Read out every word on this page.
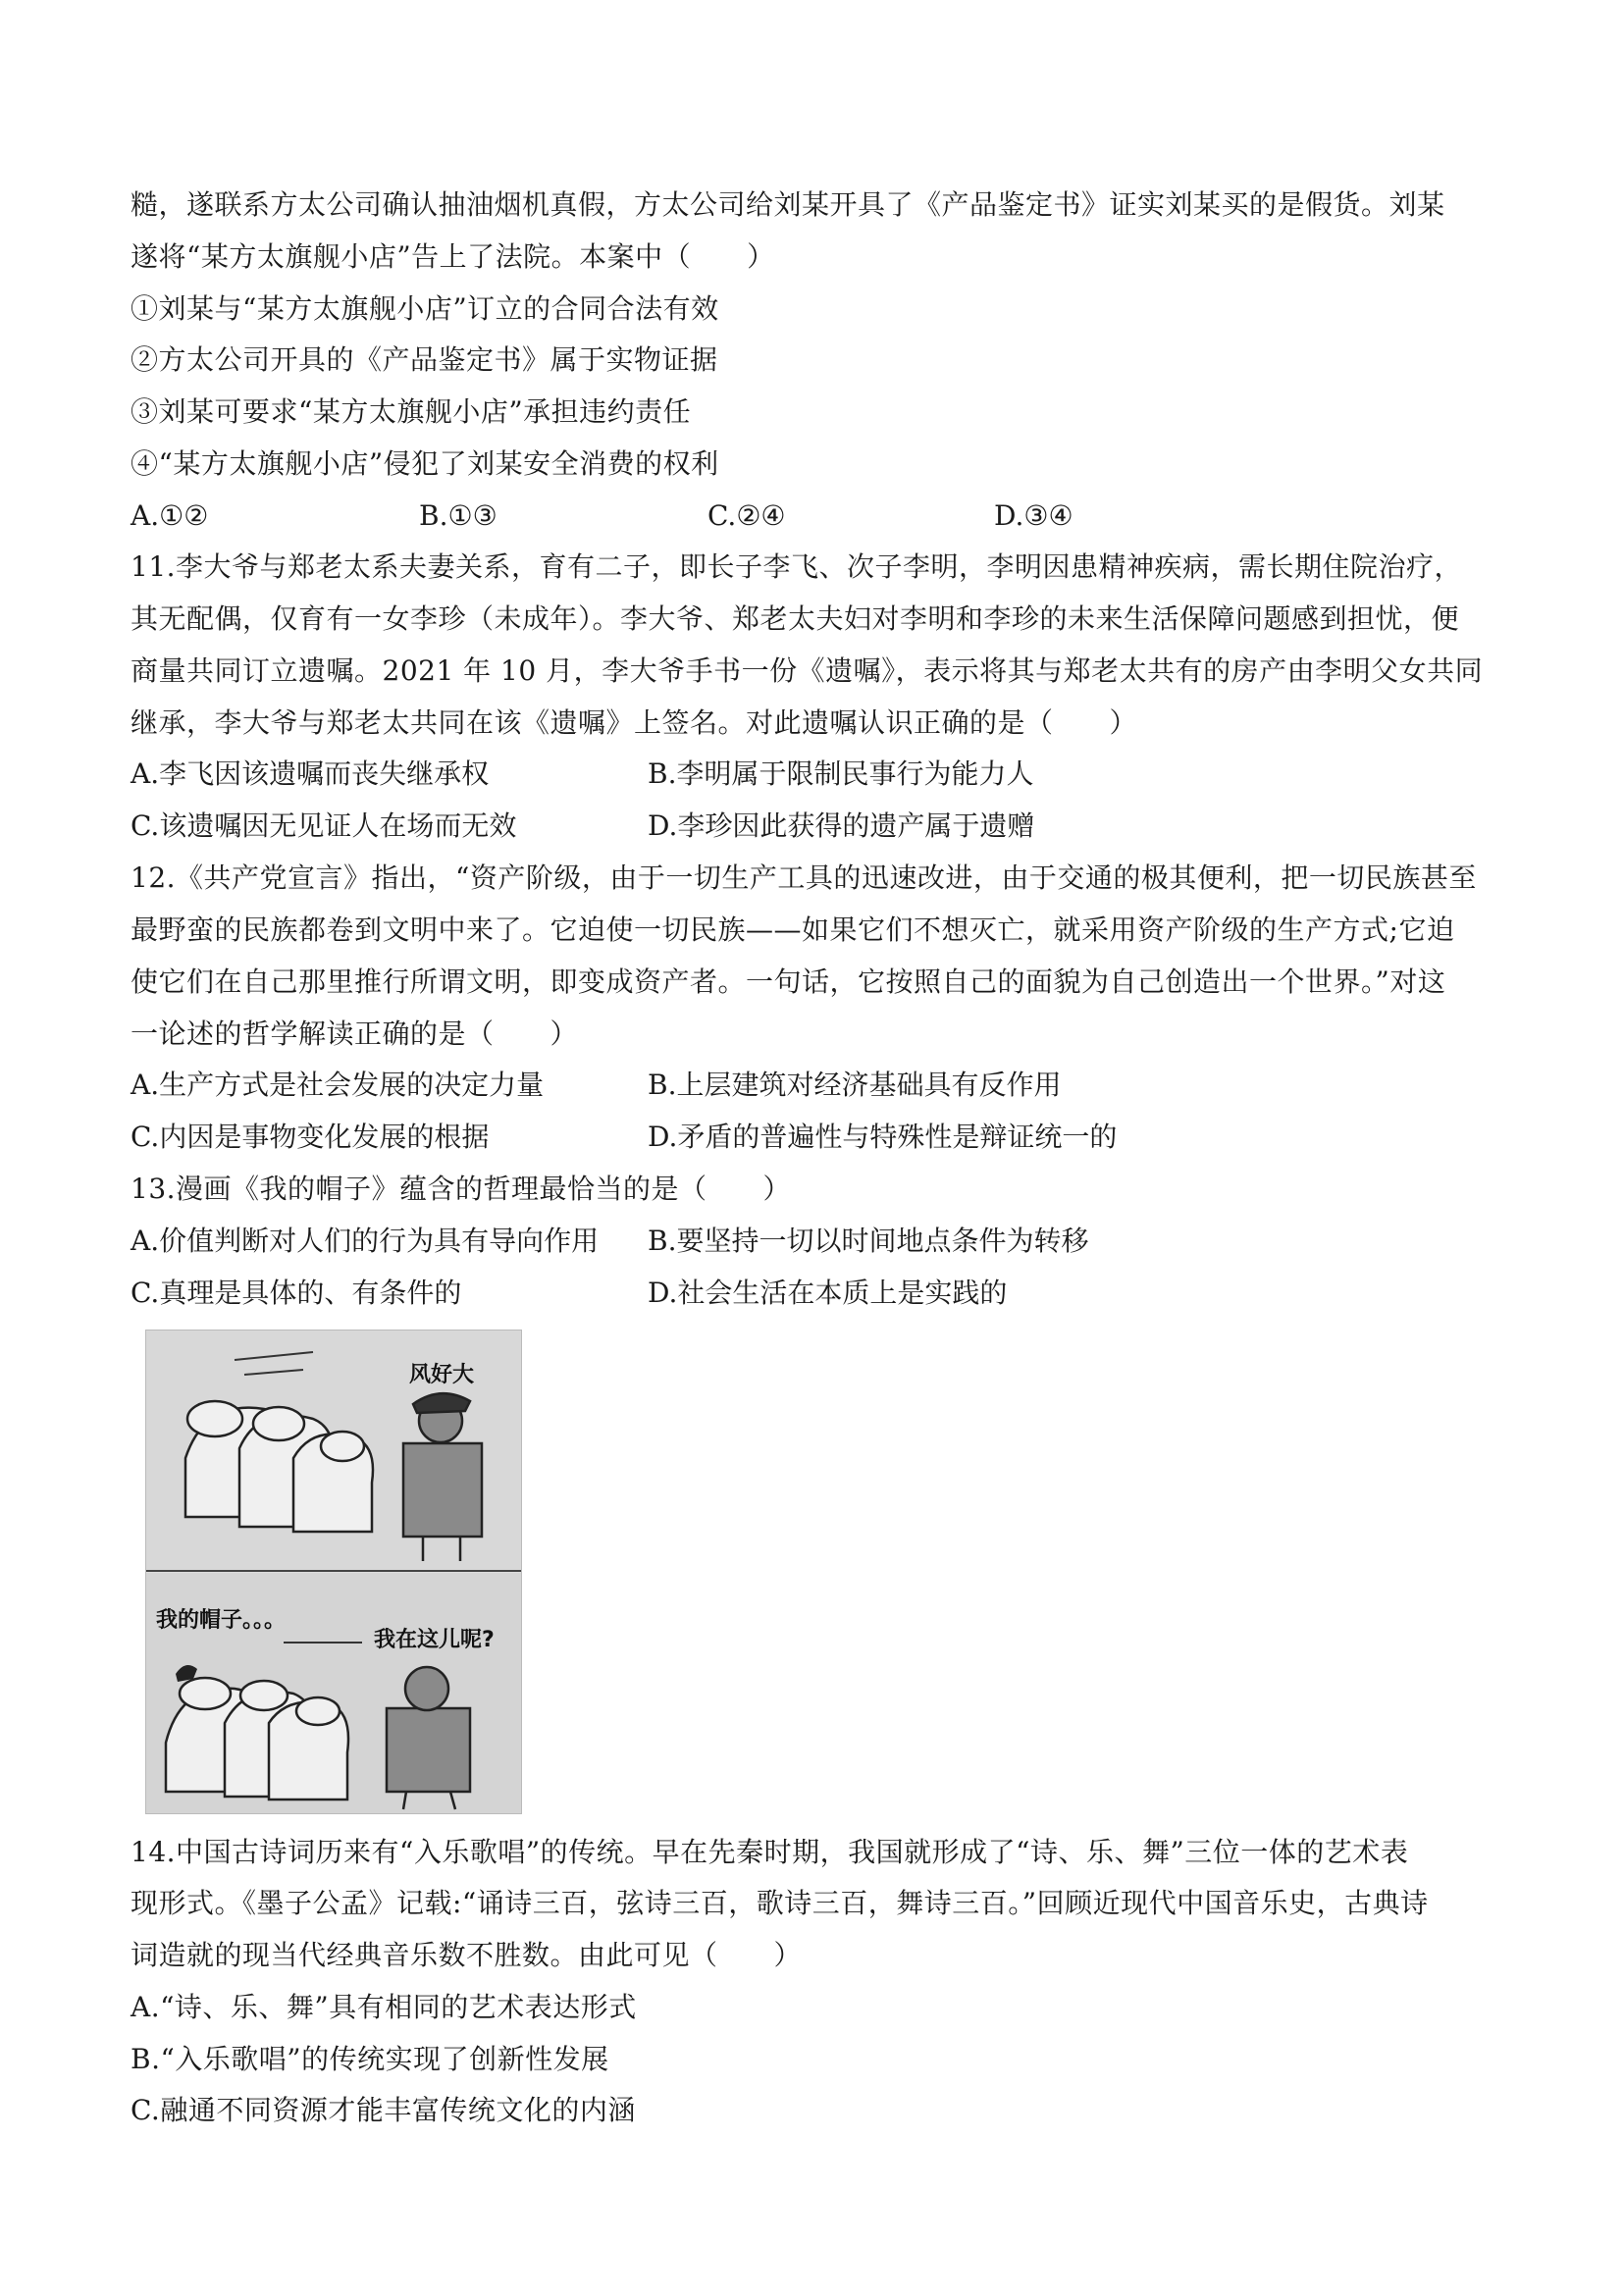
糙，遂联系方太公司确认抽油烟机真假，方太公司给刘某开具了《产品鉴定书》证实刘某买的是假货。刘某
遂将“某方太旗舰小店”告上了法院。本案中（　　）
①刘某与“某方太旗舰小店”订立的合同合法有效
②方太公司开具的《产品鉴定书》属于实物证据
③刘某可要求“某方太旗舰小店”承担违约责任
④“某方太旗舰小店”侵犯了刘某安全消费的权利
A.①②	B.①③	C.②④	D.③④
11.李大爷与郑老太系夫妻关系，育有二子，即长子李飞、次子李明，李明因患精神疾病，需长期住院治疗，
其无配偶，仅育有一女李珍（未成年）。李大爷、郑老太夫妇对李明和李珍的未来生活保障问题感到担忧，便
商量共同订立遗嘱。2021 年 10 月，李大爷手书一份《遗嘱》，表示将其与郑老太共有的房产由李明父女共同
继承，李大爷与郑老太共同在该《遗嘱》上签名。对此遗嘱认识正确的是（　　）
A.李飞因该遗嘱而丧失继承权	B.李明属于限制民事行为能力人
C.该遗嘱因无见证人在场而无效	D.李珍因此获得的遗产属于遗赠
12.《共产党宣言》指出，“资产阶级，由于一切生产工具的迅速改进，由于交通的极其便利，把一切民族甚至
最野蛮的民族都卷到文明中来了。它迫使一切民族——如果它们不想灭亡，就采用资产阶级的生产方式;它迫
使它们在自己那里推行所谓文明，即变成资产者。一句话，它按照自己的面貌为自己创造出一个世界。”对这
一论述的哲学解读正确的是（　　）
A.生产方式是社会发展的决定力量	B.上层建筑对经济基础具有反作用
C.内因是事物变化发展的根据	D.矛盾的普遍性与特殊性是辩证统一的
13.漫画《我的帽子》蕴含的哲理最恰当的是（　　）
A.价值判断对人们的行为具有导向作用 B.要坚持一切以时间地点条件为转移
C.真理是具体的、有条件的	D.社会生活在本质上是实践的
风好大
我的帽子。。。
我在这儿呢?
14.中国古诗词历来有“入乐歌唱”的传统。早在先秦时期，我国就形成了“诗、乐、舞”三位一体的艺术表
现形式。《墨子公孟》记载:“诵诗三百，弦诗三百，歌诗三百，舞诗三百。”回顾近现代中国音乐史，古典诗
词造就的现当代经典音乐数不胜数。由此可见（　　）
A.“诗、乐、舞”具有相同的艺术表达形式
B.“入乐歌唱”的传统实现了创新性发展
C.融通不同资源才能丰富传统文化的内涵
